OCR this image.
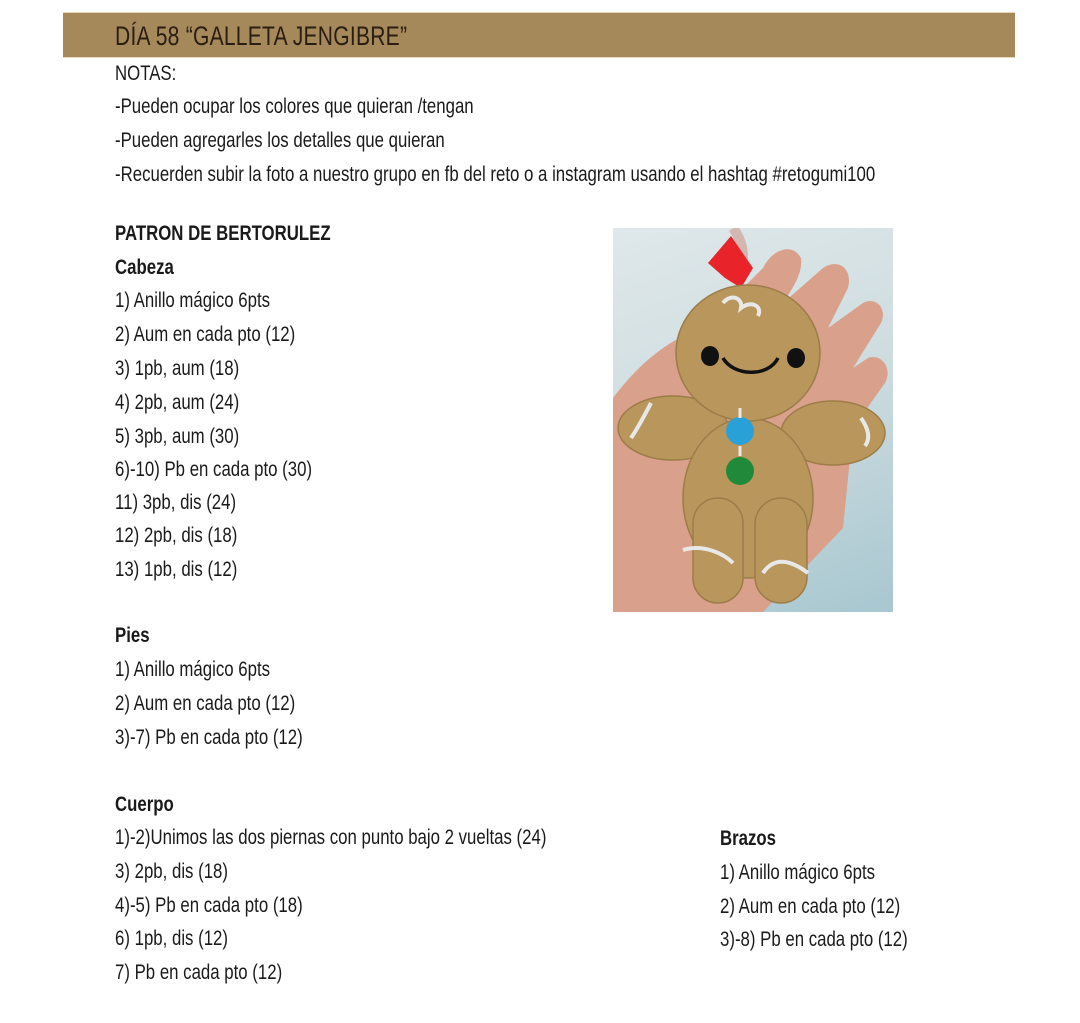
DÍA 58 “GALLETA JENGIBRE”
NOTAS:
-Pueden ocupar los colores que quieran /tengan
-Pueden agregarles los detalles que quieran
-Recuerden subir la foto a nuestro grupo en fb del reto o a instagram usando el hashtag #retogumi100
PATRON DE BERTORULEZ
Cabeza
1) Anillo mágico 6pts
2) Aum en cada pto (12)
3) 1pb, aum (18)
4) 2pb, aum (24)
5) 3pb, aum (30)
6)-10) Pb en cada pto (30)
11) 3pb, dis (24)
12) 2pb, dis (18)
13) 1pb, dis (12)
Pies
1) Anillo mágico 6pts
2) Aum en cada pto (12)
3)-7) Pb en cada pto (12)
Cuerpo
1)-2)Unimos las dos piernas con punto bajo 2 vueltas (24)
3) 2pb, dis (18)
4)-5) Pb en cada pto (18)
6) 1pb, dis (12)
7) Pb en cada pto (12)
Brazos
1) Anillo mágico 6pts
2) Aum en cada pto (12)
3)-8) Pb en cada pto (12)
